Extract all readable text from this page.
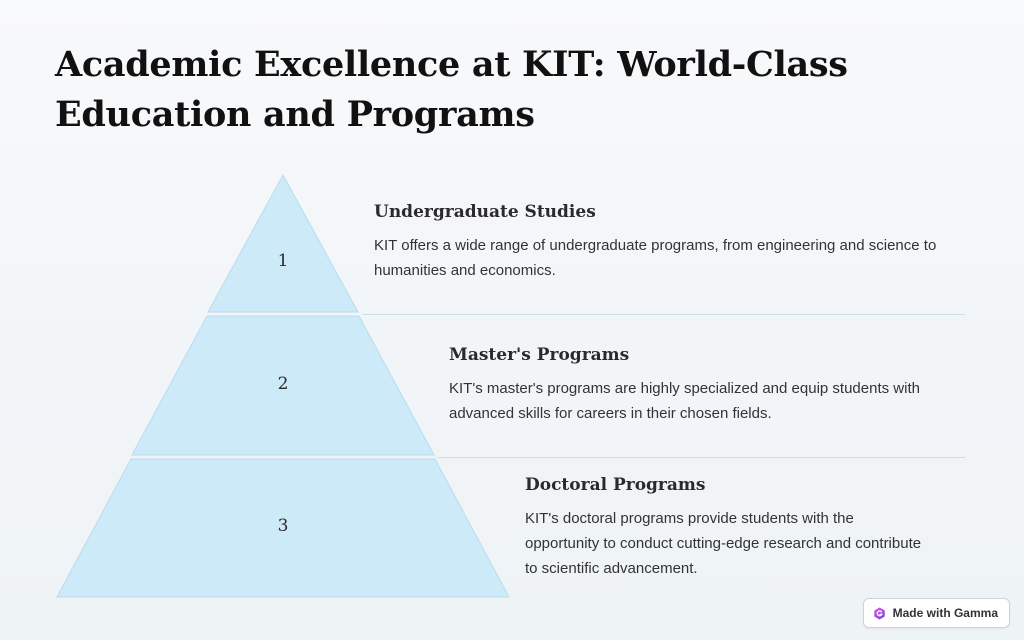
Academic Excellence at KIT: World-Class Education and Programs
1
2
3
Undergraduate Studies

KIT offers a wide range of undergraduate programs, from engineering and science to humanities and economics.

Master's Programs

KIT's master's programs are highly specialized and equip students with advanced skills for careers in their chosen fields.

Doctoral Programs

KIT's doctoral programs provide students with the opportunity to conduct cutting-edge research and contribute to scientific advancement.

Made with Gamma
